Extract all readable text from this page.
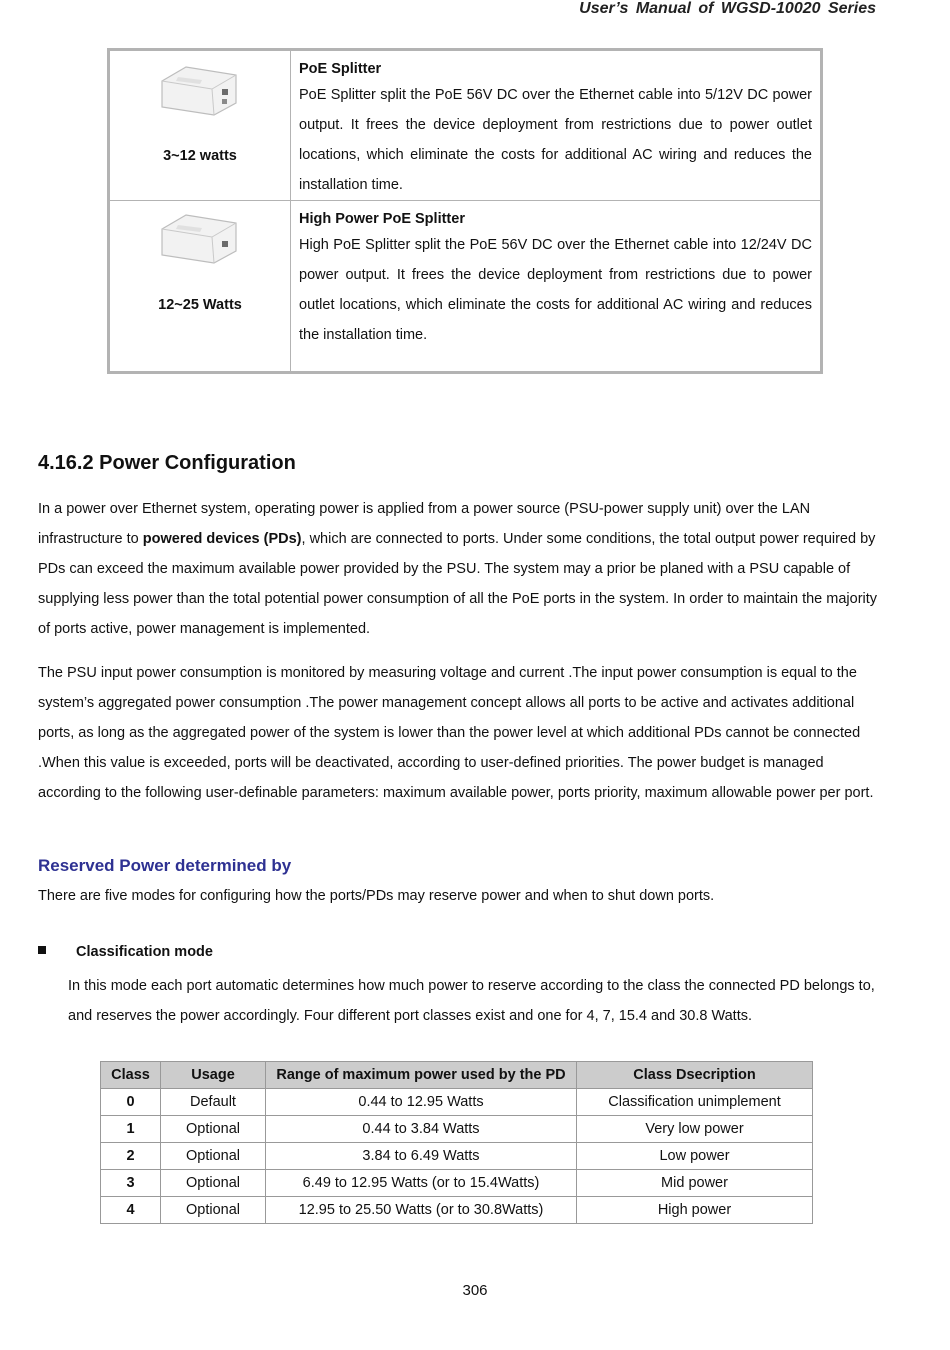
User’s Manual of WGSD-10020 Series
3~12 watts	PoE Splitter

PoE Splitter split the PoE 56V DC over the Ethernet cable into 5/12V DC power output. It frees the device deployment from restrictions due to power outlet locations, which eliminate the costs for additional AC wiring and reduces the installation time.

12~25 Watts	High Power PoE Splitter

High PoE Splitter split the PoE 56V DC over the Ethernet cable into 12/24V DC power output. It frees the device deployment from restrictions due to power outlet locations, which eliminate the costs for additional AC wiring and reduces the installation time.

4.16.2 Power Configuration

In a power over Ethernet system, operating power is applied from a power source (PSU-power supply unit) over the LAN infrastructure to powered devices (PDs), which are connected to ports. Under some conditions, the total output power required by PDs can exceed the maximum available power provided by the PSU. The system may a prior be planed with a PSU capable of supplying less power than the total potential power consumption of all the PoE ports in the system. In order to maintain the majority of ports active, power management is implemented.

The PSU input power consumption is monitored by measuring voltage and current .The input power consumption is equal to the system’s aggregated power consumption .The power management concept allows all ports to be active and activates additional ports, as long as the aggregated power of the system is lower than the power level at which additional PDs cannot be connected .When this value is exceeded, ports will be deactivated, according to user-defined priorities. The power budget is managed according to the following user-definable parameters: maximum available power, ports priority, maximum allowable power per port.

Reserved Power determined by

There are five modes for configuring how the ports/PDs may reserve power and when to shut down ports.

Classification mode

In this mode each port automatic determines how much power to reserve according to the class the connected PD belongs to, and reserves the power accordingly. Four different port classes exist and one for 4, 7, 15.4 and 30.8 Watts.

Class	Usage	Range of maximum power used by the PD	Class Dsecription
0	Default	0.44 to 12.95 Watts	Classification unimplement
1	Optional	0.44 to 3.84 Watts	Very low power
2	Optional	3.84 to 6.49 Watts	Low power
3	Optional	6.49 to 12.95 Watts (or to 15.4Watts)	Mid power
4	Optional	12.95 to 25.50 Watts (or to 30.8Watts)	High power
306
